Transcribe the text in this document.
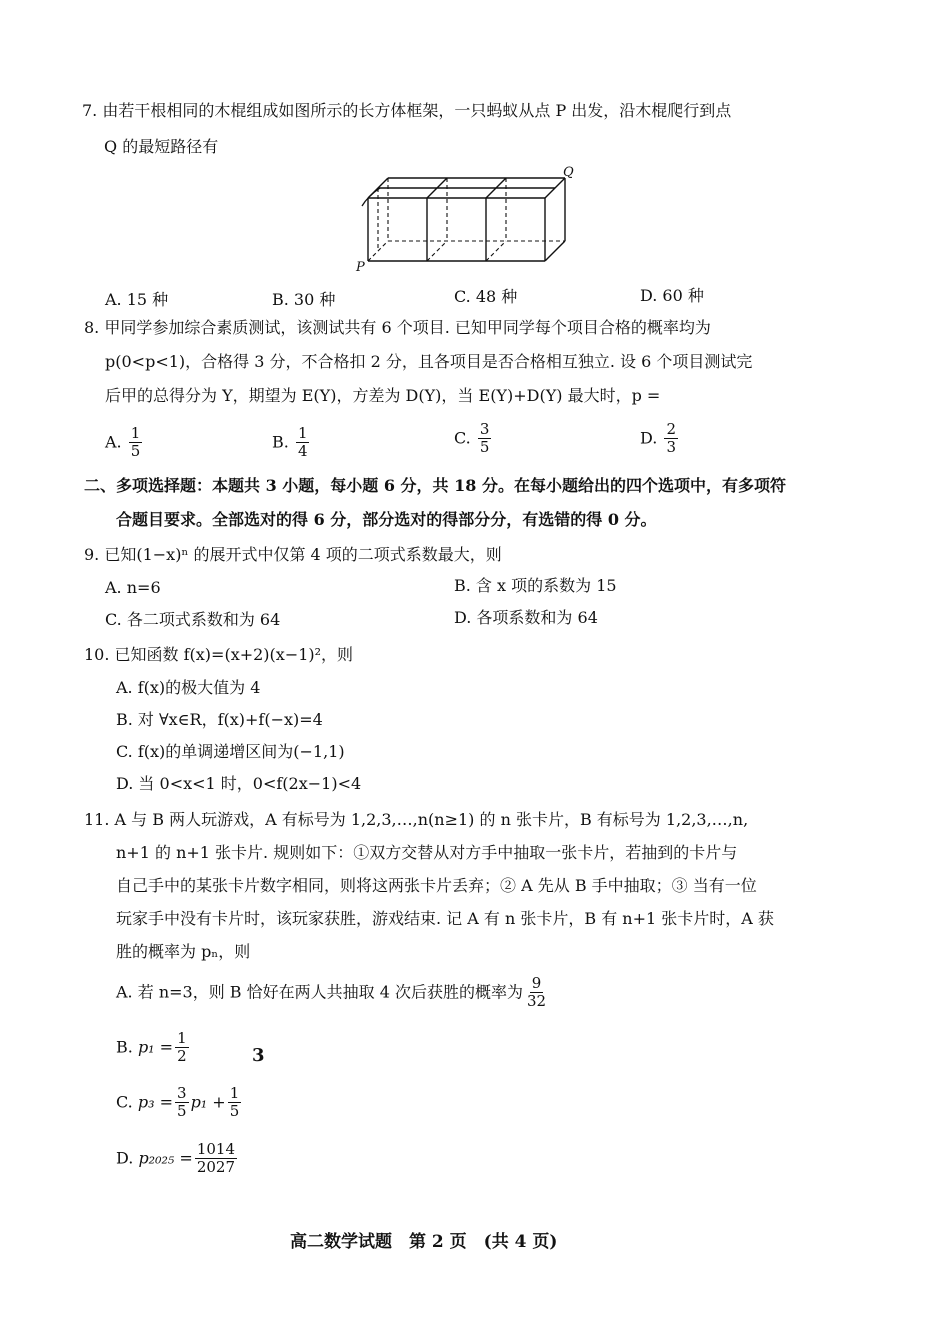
7. 由若干根相同的木棍组成如图所示的长方体框架，一只蚂蚁从点 P 出发，沿木棍爬行到点
Q 的最短路径有
P
Q
A. 15 种	B. 30 种	C. 48 种	D. 60 种
8. 甲同学参加综合素质测试，该测试共有 6 个项目. 已知甲同学每个项目合格的概率均为
p(0<p<1)，合格得 3 分，不合格扣 2 分，且各项目是否合格相互独立. 设 6 个项目测试完
后甲的总得分为 Y，期望为 E(Y)，方差为 D(Y)，当 E(Y)+D(Y) 最大时，p =
A. $\frac{1}{5}$	B. $\frac{1}{4}$	C. $\frac{3}{5}$	D. $\frac{2}{3}$
二、多项选择题：本题共 3 小题，每小题 6 分，共 18 分。在每小题给出的四个选项中，有多项符
合题目要求。全部选对的得 6 分，部分选对的得部分分，有选错的得 0 分。
9. 已知(1−x)ⁿ 的展开式中仅第 4 项的二项式系数最大，则
A. n=6	B. 含 x 项的系数为 15
C. 各二项式系数和为 64	D. 各项系数和为 64
10. 已知函数 f(x)=(x+2)(x−1)²，则
A. f(x)的极大值为 4
B. 对 ∀x∈R，f(x)+f(−x)=4
C. f(x)的单调递增区间为(−1,1)
D. 当 0<x<1 时，0<f(2x−1)<4
11. A 与 B 两人玩游戏，A 有标号为 1,2,3,…,n(n≥1) 的 n 张卡片，B 有标号为 1,2,3,…,n,
n+1 的 n+1 张卡片. 规则如下：①双方交替从对方手中抽取一张卡片，若抽到的卡片与
自己手中的某张卡片数字相同，则将这两张卡片丢弃；② A 先从 B 手中抽取；③ 当有一位
玩家手中没有卡片时，该玩家获胜，游戏结束. 记 A 有 n 张卡片，B 有 n+1 张卡片时，A 获
胜的概率为 pₙ，则
A. 若 n=3，则 B 恰好在两人共抽取 4 次后获胜的概率为 $\frac{9}{32}$
B. $p_1 = \frac{1}{2}$	3
C. $p_3 = \frac{3}{5} p_1 + \frac{1}{5}$
D. $p_{2025} = \frac{1014}{2027}$
高二数学试题　第 2 页　(共 4 页)
